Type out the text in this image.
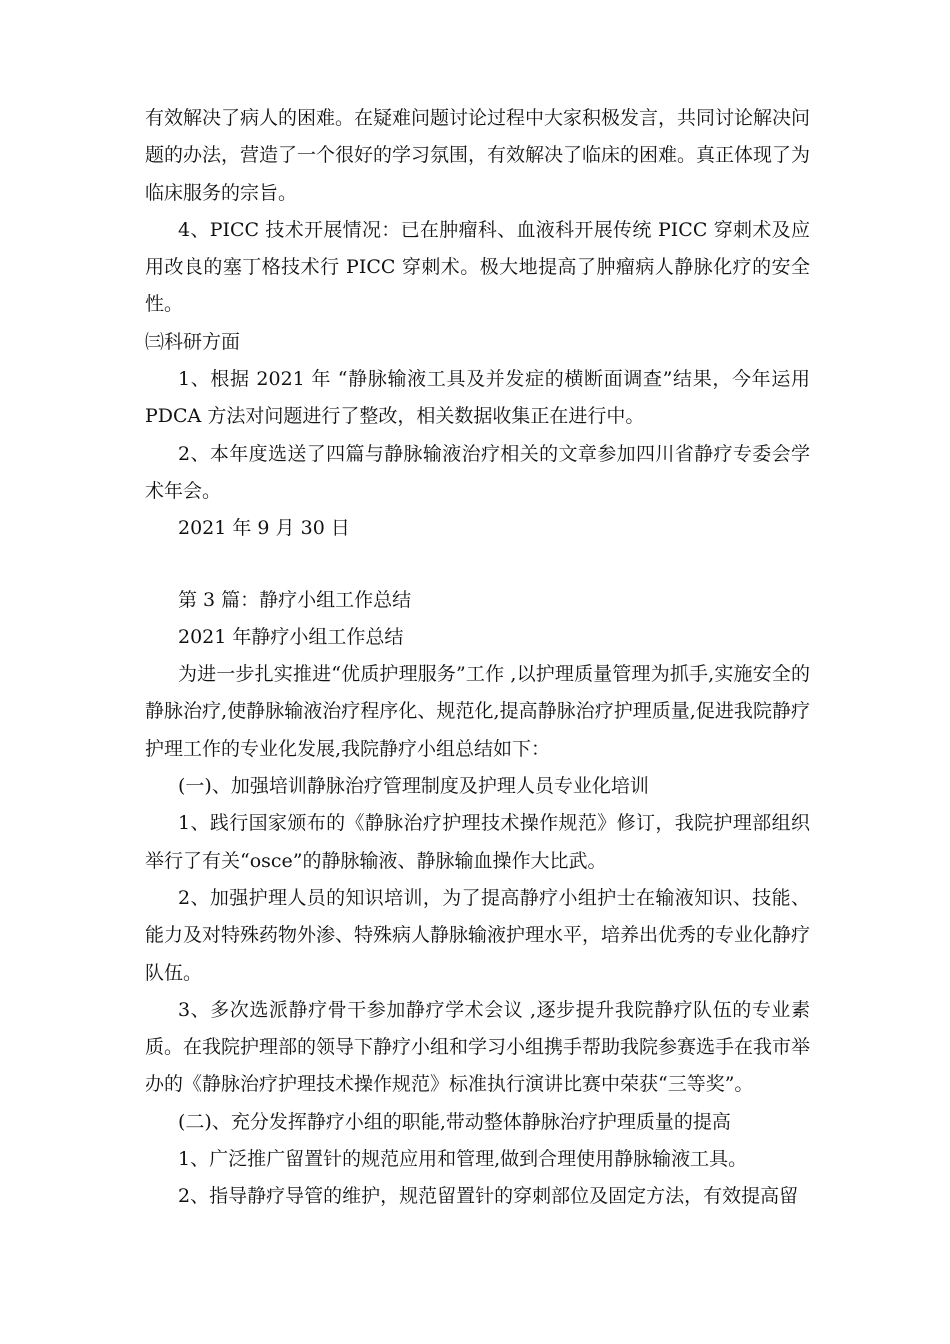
有效解决了病人的困难。在疑难问题讨论过程中大家积极发言，共同讨论解决问题的办法，营造了一个很好的学习氛围，有效解决了临床的困难。真正体现了为临床服务的宗旨。

4、PICC 技术开展情况：已在肿瘤科、血液科开展传统 PICC 穿刺术及应用改良的塞丁格技术行 PICC 穿刺术。极大地提高了肿瘤病人静脉化疗的安全性。

㈢科研方面

1、根据 2021 年 “静脉输液工具及并发症的横断面调查”结果，今年运用 PDCA 方法对问题进行了整改，相关数据收集正在进行中。

2、本年度选送了四篇与静脉输液治疗相关的文章参加四川省静疗专委会学术年会。

2021 年 9 月 30 日

第 3 篇：静疗小组工作总结

2021 年静疗小组工作总结

为进一步扎实推进“优质护理服务”工作 ,以护理质量管理为抓手,实施安全的静脉治疗,使静脉输液治疗程序化、规范化,提高静脉治疗护理质量,促进我院静疗护理工作的专业化发展,我院静疗小组总结如下：

(一)、加强培训静脉治疗管理制度及护理人员专业化培训

1、践行国家颁布的《静脉治疗护理技术操作规范》修订，我院护理部组织举行了有关“osce”的静脉输液、静脉输血操作大比武。

2、加强护理人员的知识培训，为了提高静疗小组护士在输液知识、技能、能力及对特殊药物外渗、特殊病人静脉输液护理水平，培养出优秀的专业化静疗队伍。

3、多次选派静疗骨干参加静疗学术会议 ,逐步提升我院静疗队伍的专业素质。在我院护理部的领导下静疗小组和学习小组携手帮助我院参赛选手在我市举办的《静脉治疗护理技术操作规范》标准执行演讲比赛中荣获“三等奖”。

(二)、充分发挥静疗小组的职能,带动整体静脉治疗护理质量的提高

1、广泛推广留置针的规范应用和管理,做到合理使用静脉输液工具。

2、指导静疗导管的维护，规范留置针的穿刺部位及固定方法，有效提高留
